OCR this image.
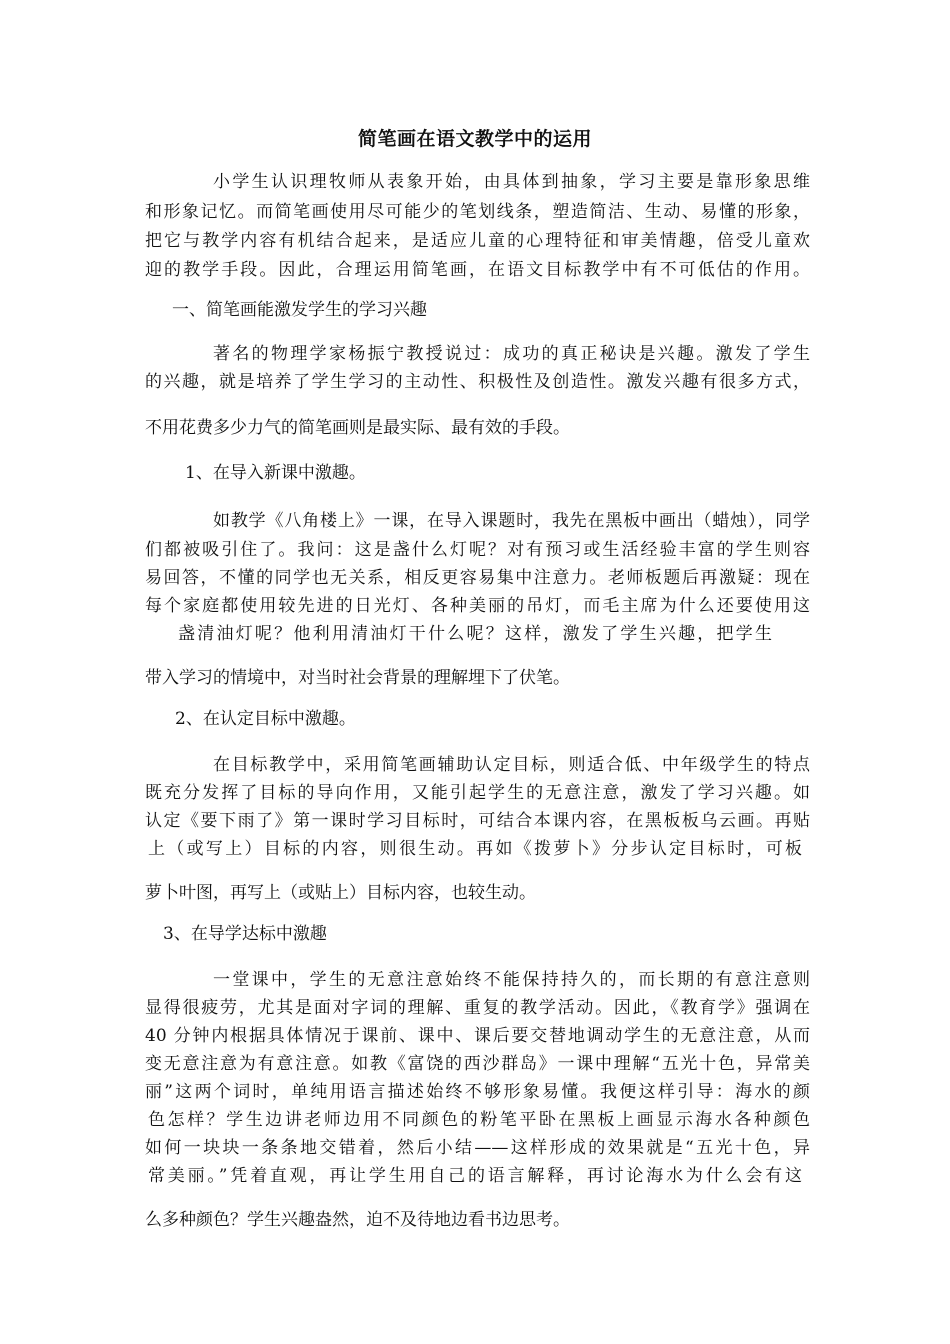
简笔画在语文教学中的运用
小学生认识理牧师从表象开始，由具体到抽象，学习主要是靠形象思维
和形象记忆。而简笔画使用尽可能少的笔划线条，塑造简洁、生动、易懂的形象，
把它与教学内容有机结合起来，是适应儿童的心理特征和审美情趣，倍受儿童欢
迎的教学手段。因此，合理运用简笔画，在语文目标教学中有不可低估的作用。
一、简笔画能激发学生的学习兴趣
著名的物理学家杨振宁教授说过：成功的真正秘诀是兴趣。激发了学生
的兴趣，就是培养了学生学习的主动性、积极性及创造性。激发兴趣有很多方式，
不用花费多少力气的简笔画则是最实际、最有效的手段。
1、在导入新课中激趣。
如教学《八角楼上》一课，在导入课题时，我先在黑板中画出（蜡烛），同学
们都被吸引住了。我问：这是盏什么灯呢？对有预习或生活经验丰富的学生则容
易回答，不懂的同学也无关系，相反更容易集中注意力。老师板题后再激疑：现在
每个家庭都使用较先进的日光灯、各种美丽的吊灯，而毛主席为什么还要使用这
盏清油灯呢？他利用清油灯干什么呢？这样，激发了学生兴趣，把学生
带入学习的情境中，对当时社会背景的理解埋下了伏笔。
2、在认定目标中激趣。
在目标教学中，采用简笔画辅助认定目标，则适合低、中年级学生的特点
既充分发挥了目标的导向作用，又能引起学生的无意注意，激发了学习兴趣。如
认定《要下雨了》第一课时学习目标时，可结合本课内容，在黑板板乌云画。再贴
上（或写上）目标的内容，则很生动。再如《拨萝卜》分步认定目标时，可板
萝卜叶图，再写上（或贴上）目标内容，也较生动。
3、在导学达标中激趣
一堂课中，学生的无意注意始终不能保持持久的，而长期的有意注意则
显得很疲劳，尤其是面对字词的理解、重复的教学活动。因此，《教育学》强调在
40 分钟内根据具体情况于课前、课中、课后要交替地调动学生的无意注意，从而
变无意注意为有意注意。如教《富饶的西沙群岛》一课中理解“五光十色，异常美
丽”这两个词时，单纯用语言描述始终不够形象易懂。我便这样引导：海水的颜
色怎样？学生边讲老师边用不同颜色的粉笔平卧在黑板上画显示海水各种颜色
如何一块块一条条地交错着，然后小结——这样形成的效果就是“五光十色，异
常美丽。”凭着直观，再让学生用自己的语言解释，再讨论海水为什么会有这
么多种颜色？学生兴趣盎然，迫不及待地边看书边思考。
